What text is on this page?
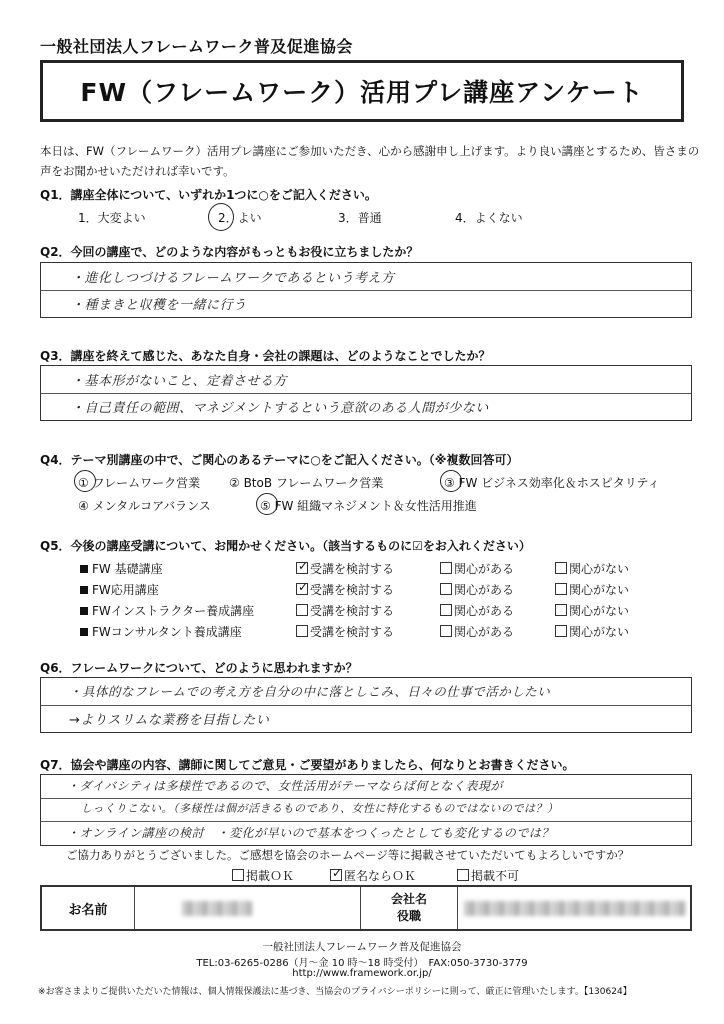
一般社団法人フレームワーク普及促進協会
FW（フレームワーク）活用プレ講座アンケート
本日は、FW（フレームワーク）活用プレ講座にご参加いただき、心から感謝申し上げます。より良い講座とするため、皆さまの声をお聞かせいただければ幸いです。
Q1．講座全体について、いずれか1つに○をご記入ください。
1．大変よい	2．よい	3．普通	4．よくない
Q2．今回の講座で、どのような内容がもっともお役に立ちましたか？
・進化しつづけるフレームワークであるという考え方
・種まきと収穫を一緒に行う
Q3．講座を終えて感じた、あなた自身・会社の課題は、どのようなことでしたか？
・基本形がないこと、定着させる方
・自己責任の範囲、マネジメントするという意欲のある人間が少ない
Q4．テーマ別講座の中で、ご関心のあるテーマに○をご記入ください。（※複数回答可）
① フレームワーク営業 ② BtoB フレームワーク営業	③ FW ビジネス効率化＆ホスピタリティ
④ メンタルコアバランス	⑤ FW 組織マネジメント＆女性活用推進
Q5．今後の講座受講について、お聞かせください。（該当するものに☑をお入れください）
FW 基礎講座	✓ 受講を検討する	関心がある	関心がない
FW応用講座	✓ 受講を検討する	関心がある	関心がない
FWインストラクター養成講座	受講を検討する	関心がある	関心がない
FWコンサルタント養成講座	受講を検討する	関心がある	関心がない
Q6．フレームワークについて、どのように思われますか？
・具体的なフレームでの考え方を自分の中に落としこみ、日々の仕事で活かしたい
→よりスリムな業務を目指したい
Q7．協会や講座の内容、講師に関してご意見・ご要望がありましたら、何なりとお書きください。
・ダイバシティは多様性であるので、女性活用がテーマならば何となく表現が
しっくりこない。（多様性は個が活きるものであり、女性に特化するものではないのでは？）
・オンライン講座の検討　・変化が早いので基本をつくったとしても変化するのでは？
ご協力ありがとうございました。ご感想を協会のホームページ等に掲載させていただいてもよろしいですか？
掲載ＯＫ	✓ 匿名ならＯＫ	掲載不可
お名前
会社名
役職
一般社団法人フレームワーク普及促進協会
TEL:03-6265-0286（月～金 10 時～18 時受付）　FAX:050-3730-3779
http://www.framework.or.jp/
※お客さまよりご提供いただいた情報は、個人情報保護法に基づき、当協会のプライバシーポリシーに則って、厳正に管理いたします。【130624】
